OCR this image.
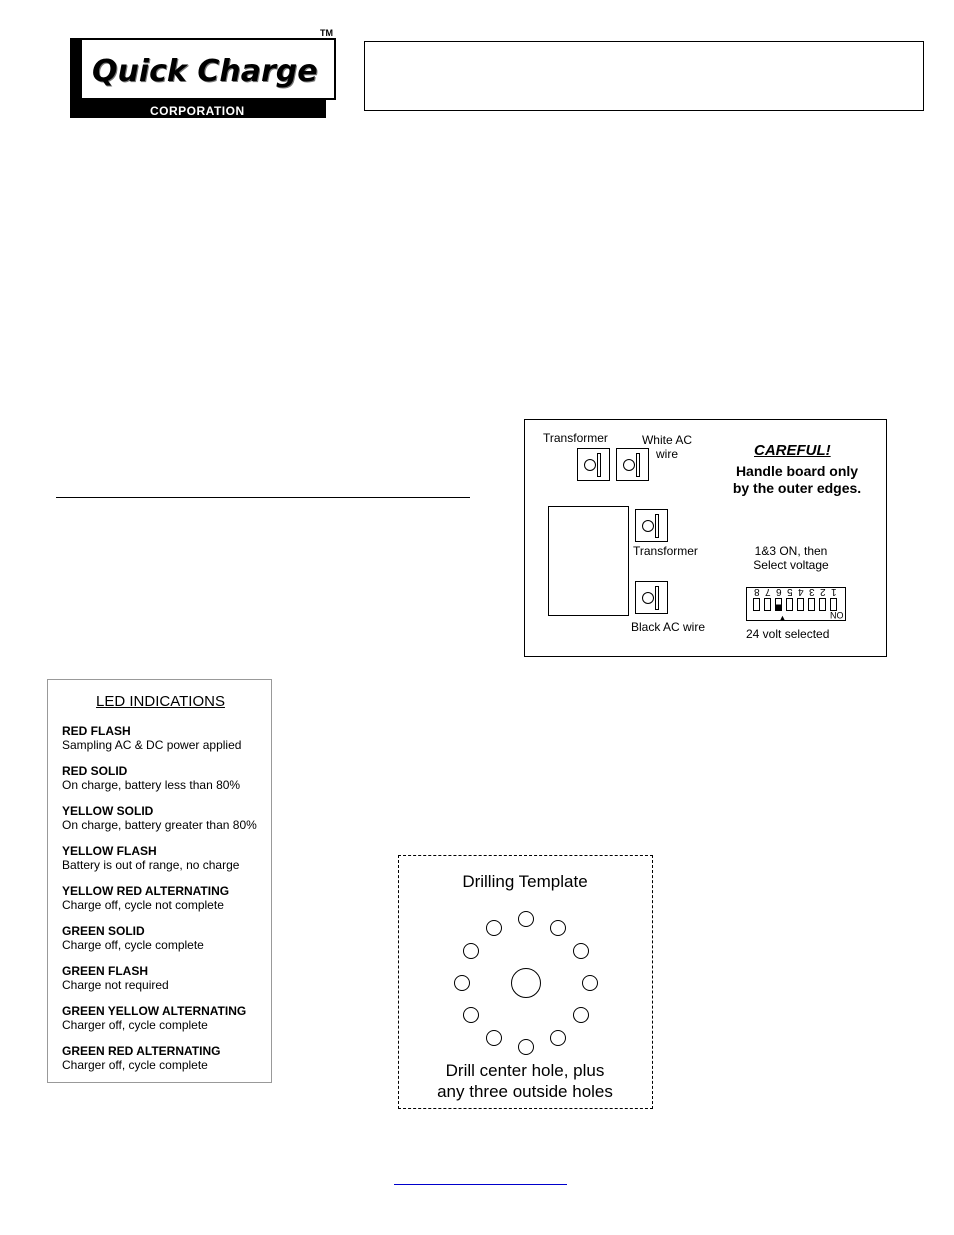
Quick Charge
CORPORATION
TM
Transformer	White AC wire	CAREFUL!
Handle board only
by the outer edges.
Transformer
Black AC wire
1&3 ON, then
Select voltage
8 7 6 5 4 3 2 1
ON
▲
24 volt selected
LED INDICATIONS
RED FLASH
Sampling AC & DC power applied
RED SOLID
On charge, battery less than 80%
YELLOW SOLID
On charge, battery greater than 80%
YELLOW FLASH
Battery is out of range, no charge
YELLOW RED ALTERNATING
Charge off, cycle not complete
GREEN SOLID
Charge off, cycle complete
GREEN FLASH
Charge not required
GREEN YELLOW ALTERNATING
Charger off, cycle complete
GREEN RED ALTERNATING
Charger off, cycle complete
Drilling Template
Drill center hole, plus
any three outside holes
